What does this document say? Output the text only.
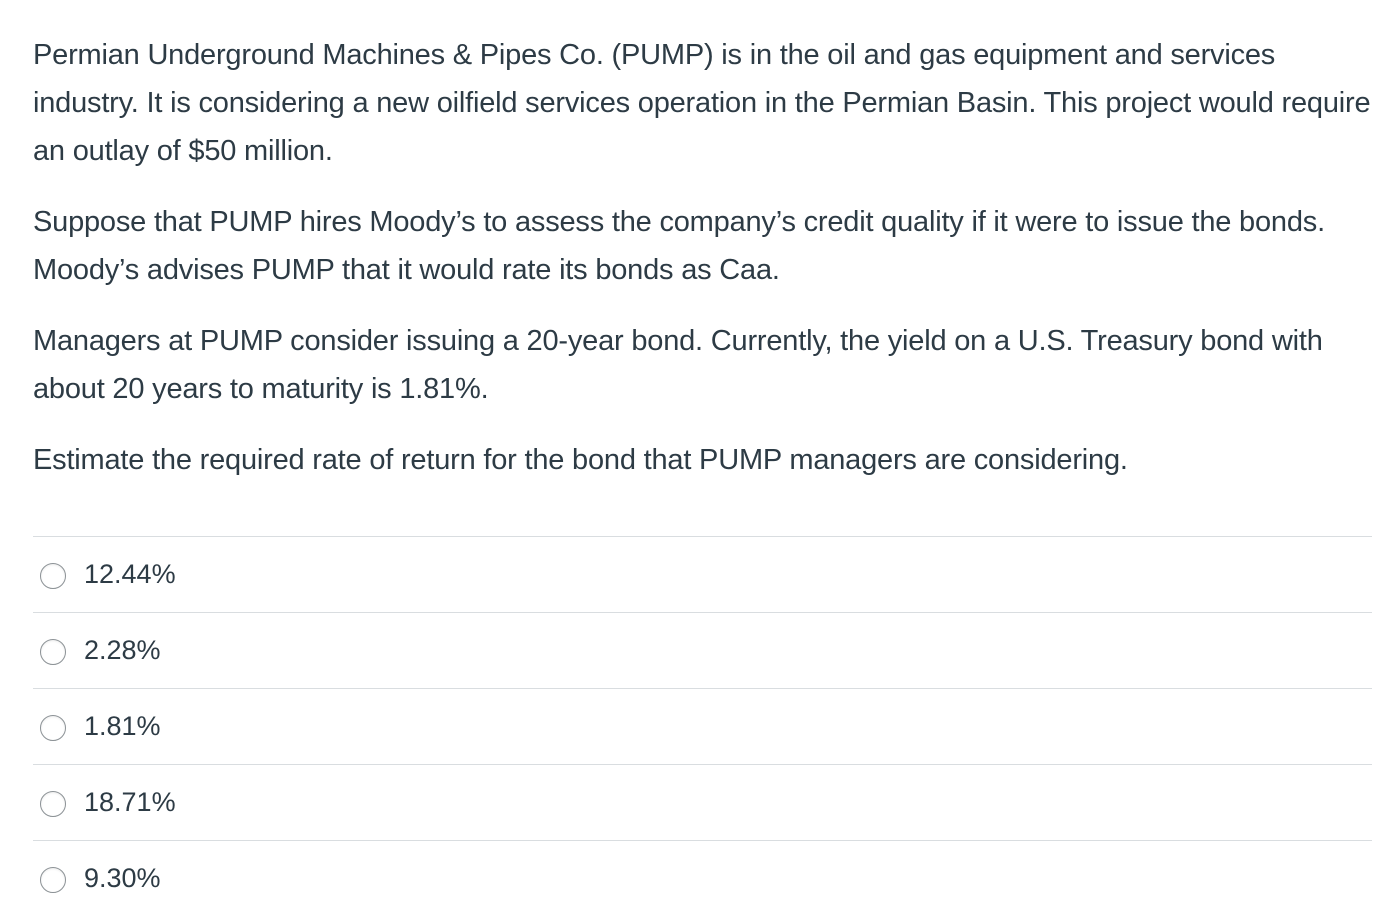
Permian Underground Machines & Pipes Co. (PUMP) is in the oil and gas equipment and services industry. It is considering a new oilfield services operation in the Permian Basin. This project would require an outlay of $50 million.

Suppose that PUMP hires Moody’s to assess the company’s credit quality if it were to issue the bonds. Moody’s advises PUMP that it would rate its bonds as Caa.

Managers at PUMP consider issuing a 20-year bond. Currently, the yield on a U.S. Treasury bond with about 20 years to maturity is 1.81%.

Estimate the required rate of return for the bond that PUMP managers are considering.

12.44%
2.28%
1.81%
18.71%
9.30%
